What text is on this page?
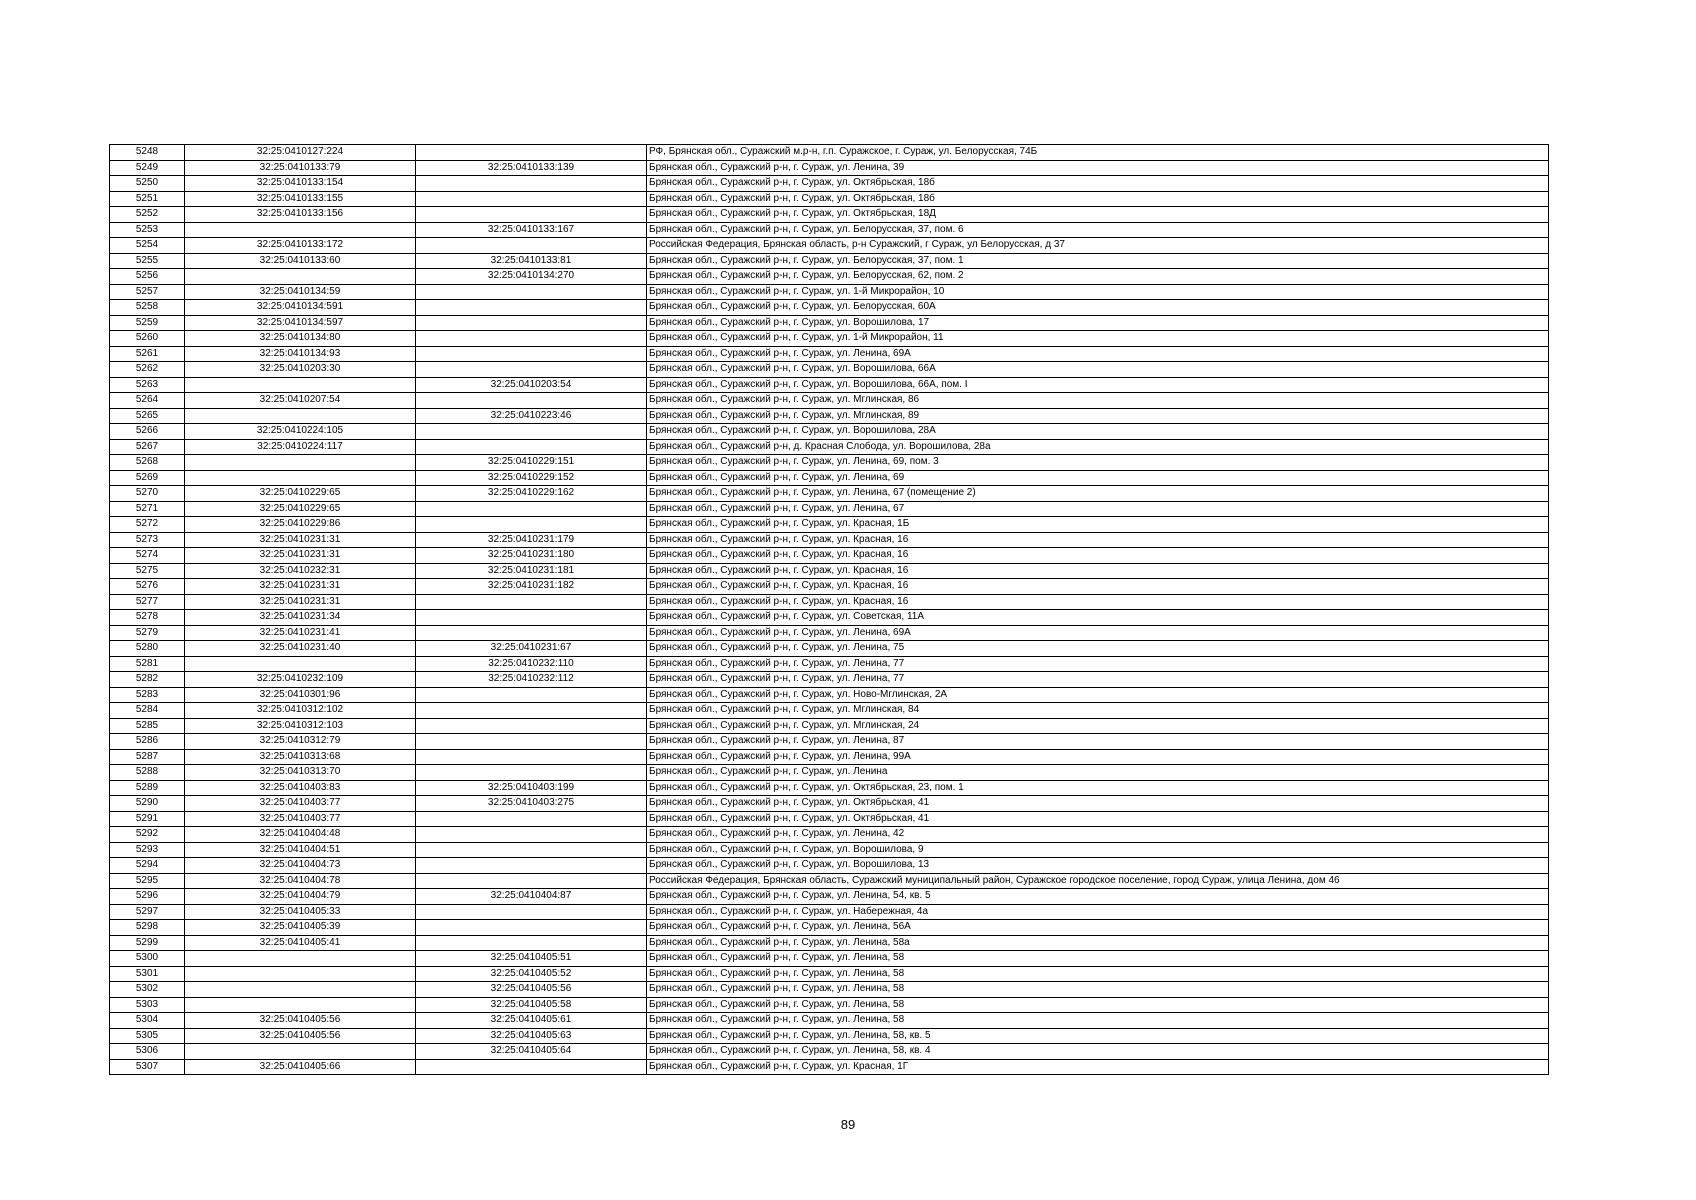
5248	32:25:0410127:224		РФ, Брянская обл., Суражский м.р-н, г.п. Суражское, г. Сураж, ул. Белорусская, 74Б
5249	32:25:0410133:79	32:25:0410133:139	Брянская обл., Суражский р-н, г. Сураж, ул. Ленина, 39
5250	32:25:0410133:154		Брянская обл., Суражский р-н, г. Сураж, ул. Октябрьская, 18б
5251	32:25:0410133:155		Брянская обл., Суражский р-н, г. Сураж, ул. Октябрьская, 18б
5252	32:25:0410133:156		Брянская обл., Суражский р-н, г. Сураж, ул. Октябрьская, 18Д
5253		32:25:0410133:167	Брянская обл., Суражский р-н, г. Сураж, ул. Белорусская, 37, пом. 6
5254	32:25:0410133:172		Российская Федерация, Брянская область, р-н Суражский, г Сураж, ул Белорусская, д 37
5255	32:25:0410133:60	32:25:0410133:81	Брянская обл., Суражский р-н, г. Сураж, ул. Белорусская, 37, пом. 1
5256		32:25:0410134:270	Брянская обл., Суражский р-н, г. Сураж, ул. Белорусская, 62, пом. 2
5257	32:25:0410134:59		Брянская обл., Суражский р-н, г. Сураж, ул. 1-й Микрорайон, 10
5258	32:25:0410134:591		Брянская обл., Суражский р-н, г. Сураж, ул. Белорусская, 60А
5259	32:25:0410134:597		Брянская обл., Суражский р-н, г. Сураж, ул. Ворошилова, 17
5260	32:25:0410134:80		Брянская обл., Суражский р-н, г. Сураж, ул. 1-й Микрорайон, 11
5261	32:25:0410134:93		Брянская обл., Суражский р-н, г. Сураж, ул. Ленина, 69А
5262	32:25:0410203:30		Брянская обл., Суражский р-н, г. Сураж, ул. Ворошилова, 66А
5263		32:25:0410203:54	Брянская обл., Суражский р-н, г. Сураж, ул. Ворошилова, 66А, пом. I
5264	32:25:0410207:54		Брянская обл., Суражский р-н, г. Сураж, ул. Мглинская, 86
5265		32:25:0410223:46	Брянская обл., Суражский р-н, г. Сураж, ул. Мглинская, 89
5266	32:25:0410224:105		Брянская обл., Суражский р-н, г. Сураж, ул. Ворошилова, 28А
5267	32:25:0410224:117		Брянская обл., Суражский р-н, д. Красная Слобода, ул. Ворошилова, 28а
5268		32:25:0410229:151	Брянская обл., Суражский р-н, г. Сураж, ул. Ленина, 69, пом. 3
5269		32:25:0410229:152	Брянская обл., Суражский р-н, г. Сураж, ул. Ленина, 69
5270	32:25:0410229:65	32:25:0410229:162	Брянская обл., Суражский р-н, г. Сураж, ул. Ленина, 67 (помещение 2)
5271	32:25:0410229:65		Брянская обл., Суражский р-н, г. Сураж, ул. Ленина, 67
5272	32:25:0410229:86		Брянская обл., Суражский р-н, г. Сураж, ул. Красная, 1Б
5273	32:25:0410231:31	32:25:0410231:179	Брянская обл., Суражский р-н, г. Сураж, ул. Красная, 16
5274	32:25:0410231:31	32:25:0410231:180	Брянская обл., Суражский р-н, г. Сураж, ул. Красная, 16
5275	32:25:0410232:31	32:25:0410231:181	Брянская обл., Суражский р-н, г. Сураж, ул. Красная, 16
5276	32:25:0410231:31	32:25:0410231:182	Брянская обл., Суражский р-н, г. Сураж, ул. Красная, 16
5277	32:25:0410231:31		Брянская обл., Суражский р-н, г. Сураж, ул. Красная, 16
5278	32:25:0410231:34		Брянская обл., Суражский р-н, г. Сураж, ул. Советская, 11А
5279	32:25:0410231:41		Брянская обл., Суражский р-н, г. Сураж, ул. Ленина, 69А
5280	32:25:0410231:40	32:25:0410231:67	Брянская обл., Суражский р-н, г. Сураж, ул. Ленина, 75
5281		32:25:0410232:110	Брянская обл., Суражский р-н, г. Сураж, ул. Ленина, 77
5282	32:25:0410232:109	32:25:0410232:112	Брянская обл., Суражский р-н, г. Сураж, ул. Ленина, 77
5283	32:25:0410301:96		Брянская обл., Суражский р-н, г. Сураж, ул. Ново-Мглинская, 2А
5284	32:25:0410312:102		Брянская обл., Суражский р-н, г. Сураж, ул. Мглинская, 84
5285	32:25:0410312:103		Брянская обл., Суражский р-н, г. Сураж, ул. Мглинская, 24
5286	32:25:0410312:79		Брянская обл., Суражский р-н, г. Сураж, ул. Ленина, 87
5287	32:25:0410313:68		Брянская обл., Суражский р-н, г. Сураж, ул. Ленина, 99А
5288	32:25:0410313:70		Брянская обл., Суражский р-н, г. Сураж, ул. Ленина
5289	32:25:0410403:83	32:25:0410403:199	Брянская обл., Суражский р-н, г. Сураж, ул. Октябрьская, 23, пом. 1
5290	32:25:0410403:77	32:25:0410403:275	Брянская обл., Суражский р-н, г. Сураж, ул. Октябрьская, 41
5291	32:25:0410403:77		Брянская обл., Суражский р-н, г. Сураж, ул. Октябрьская, 41
5292	32:25:0410404:48		Брянская обл., Суражский р-н, г. Сураж, ул. Ленина, 42
5293	32:25:0410404:51		Брянская обл., Суражский р-н, г. Сураж, ул. Ворошилова, 9
5294	32:25:0410404:73		Брянская обл., Суражский р-н, г. Сураж, ул. Ворошилова, 13
5295	32:25:0410404:78		Российская Федерация, Брянская область, Суражский муниципальный район, Суражское городское поселение, город Сураж, улица Ленина, дом 46
5296	32:25:0410404:79	32:25:0410404:87	Брянская обл., Суражский р-н, г. Сураж, ул. Ленина, 54, кв. 5
5297	32:25:0410405:33		Брянская обл., Суражский р-н, г. Сураж, ул. Набережная, 4а
5298	32:25:0410405:39		Брянская обл., Суражский р-н, г. Сураж, ул. Ленина, 56А
5299	32:25:0410405:41		Брянская обл., Суражский р-н, г. Сураж, ул. Ленина, 58а
5300		32:25:0410405:51	Брянская обл., Суражский р-н, г. Сураж, ул. Ленина, 58
5301		32:25:0410405:52	Брянская обл., Суражский р-н, г. Сураж, ул. Ленина, 58
5302		32:25:0410405:56	Брянская обл., Суражский р-н, г. Сураж, ул. Ленина, 58
5303		32:25:0410405:58	Брянская обл., Суражский р-н, г. Сураж, ул. Ленина, 58
5304	32:25:0410405:56	32:25:0410405:61	Брянская обл., Суражский р-н, г. Сураж, ул. Ленина, 58
5305	32:25:0410405:56	32:25:0410405:63	Брянская обл., Суражский р-н, г. Сураж, ул. Ленина, 58, кв. 5
5306		32:25:0410405:64	Брянская обл., Суражский р-н, г. Сураж, ул. Ленина, 58, кв. 4
5307	32:25:0410405:66		Брянская обл., Суражский р-н, г. Сураж, ул. Красная, 1Г
89
